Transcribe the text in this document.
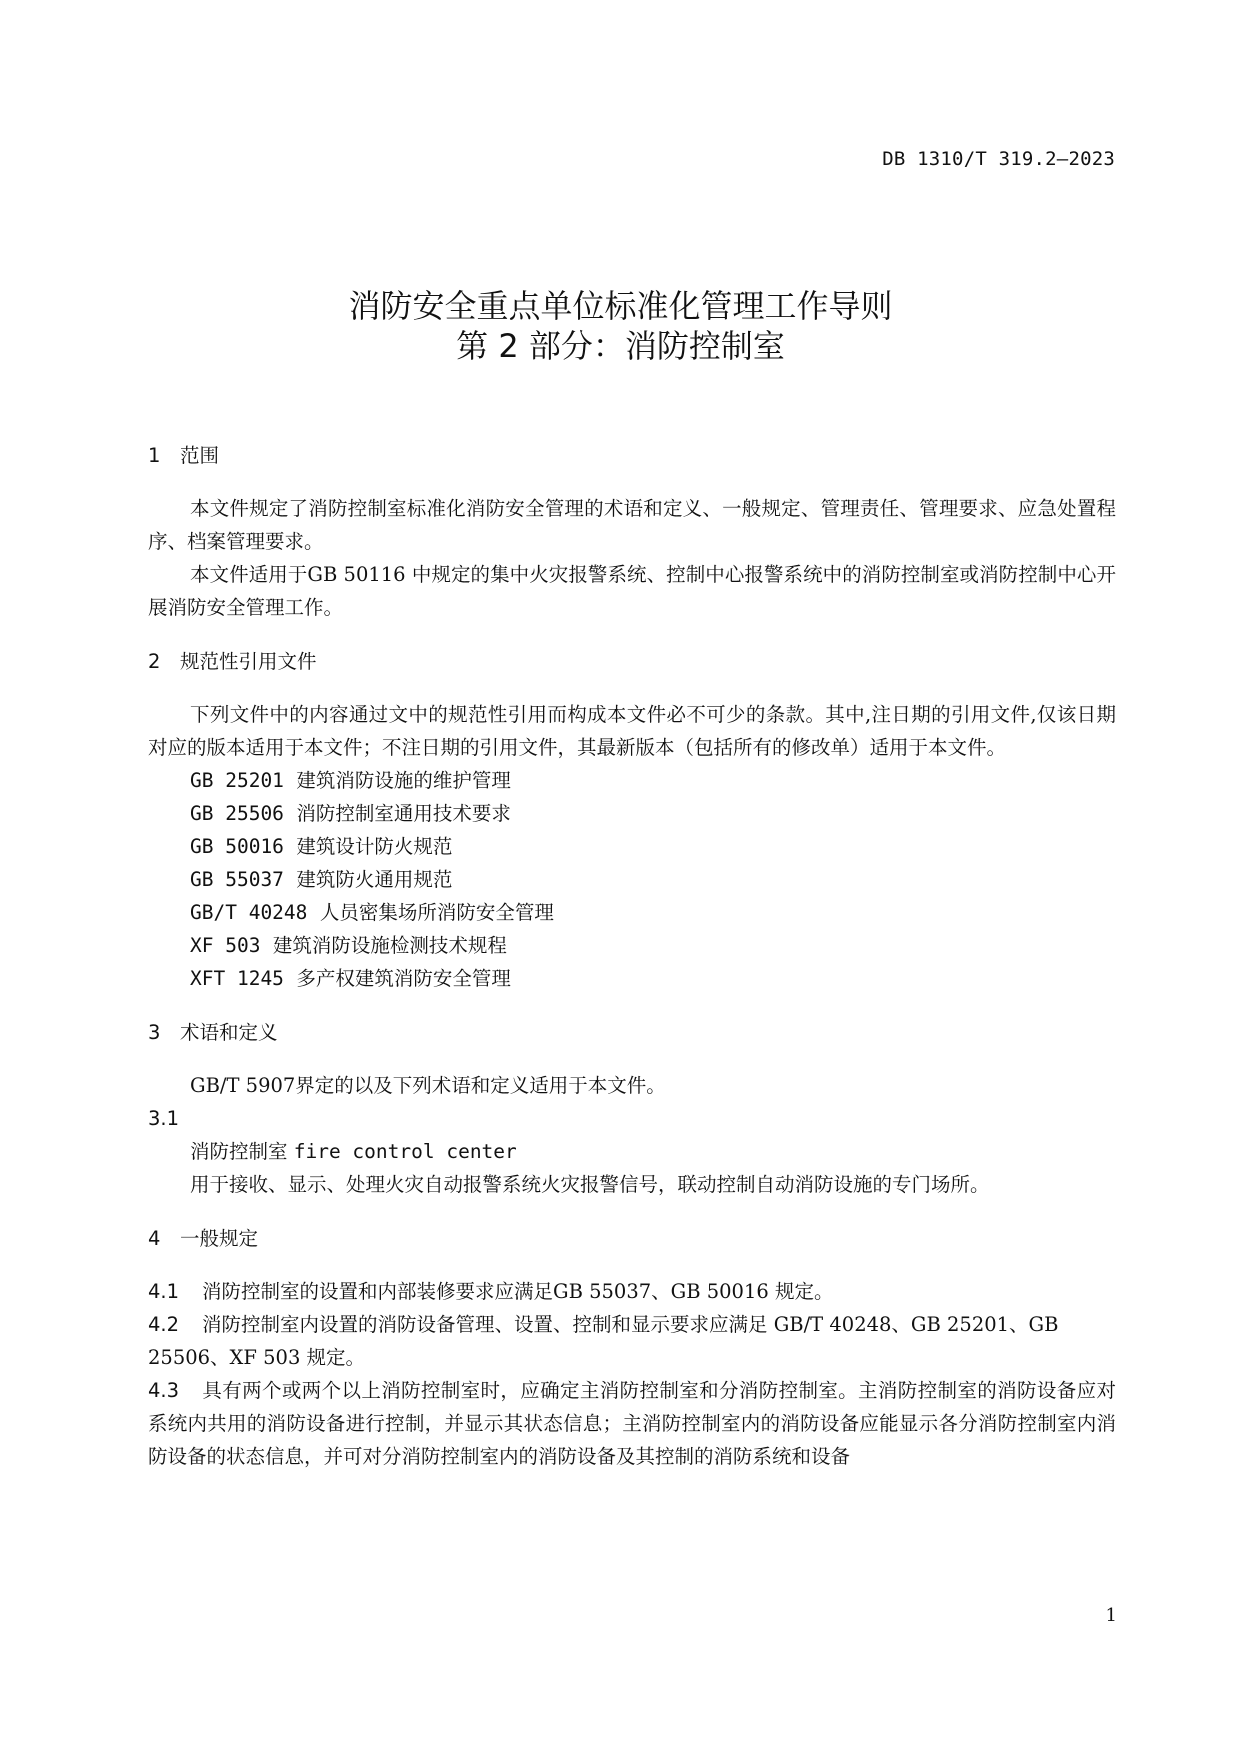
DB 1310/T 319.2—2023
消防安全重点单位标准化管理工作导则
第 2 部分：消防控制室
1 范围
本文件规定了消防控制室标准化消防安全管理的术语和定义、一般规定、管理责任、管理要求、应急处置程序、档案管理要求。
本文件适用于GB 50116 中规定的集中火灾报警系统、控制中心报警系统中的消防控制室或消防控制中心开展消防安全管理工作。
2 规范性引用文件
下列文件中的内容通过文中的规范性引用而构成本文件必不可少的条款。其中,注日期的引用文件,仅该日期对应的版本适用于本文件；不注日期的引用文件，其最新版本（包括所有的修改单）适用于本文件。
GB 25201 建筑消防设施的维护管理
GB 25506 消防控制室通用技术要求
GB 50016 建筑设计防火规范
GB 55037 建筑防火通用规范
GB/T 40248 人员密集场所消防安全管理
XF 503 建筑消防设施检测技术规程
XFT 1245 多产权建筑消防安全管理
3 术语和定义
GB/T 5907界定的以及下列术语和定义适用于本文件。
3.1
消防控制室 fire control center
用于接收、显示、处理火灾自动报警系统火灾报警信号，联动控制自动消防设施的专门场所。
4 一般规定
4.1 消防控制室的设置和内部装修要求应满足GB 55037、GB 50016 规定。
4.2 消防控制室内设置的消防设备管理、设置、控制和显示要求应满足 GB/T 40248、GB 25201、GB 25506、XF 503 规定。
4.3 具有两个或两个以上消防控制室时，应确定主消防控制室和分消防控制室。主消防控制室的消防设备应对系统内共用的消防设备进行控制，并显示其状态信息；主消防控制室内的消防设备应能显示各分消防控制室内消防设备的状态信息，并可对分消防控制室内的消防设备及其控制的消防系统和设备
1
